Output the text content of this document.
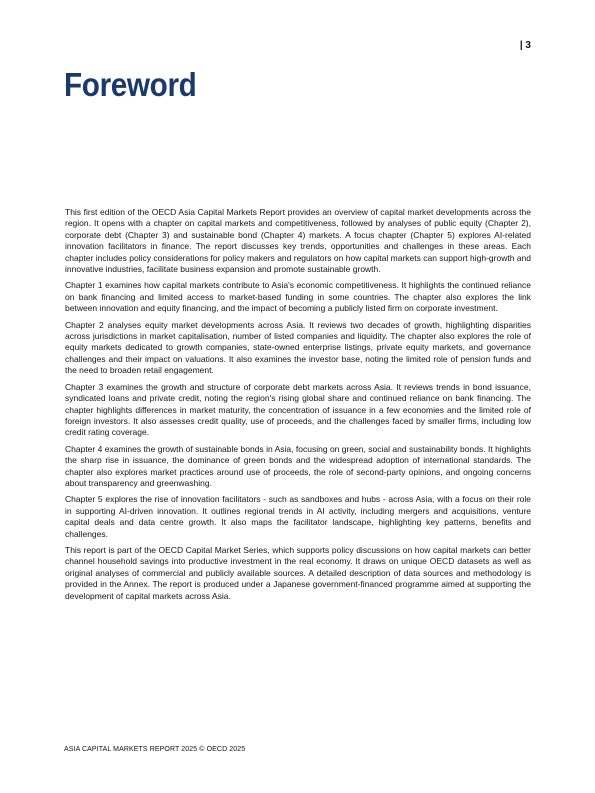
| 3
Foreword

This first edition of the OECD Asia Capital Markets Report provides an overview of capital market developments across the region. It opens with a chapter on capital markets and competitiveness, followed by analyses of public equity (Chapter 2), corporate debt (Chapter 3) and sustainable bond (Chapter 4) markets. A focus chapter (Chapter 5) explores AI-related innovation facilitators in finance. The report discusses key trends, opportunities and challenges in these areas. Each chapter includes policy considerations for policy makers and regulators on how capital markets can support high-growth and innovative industries, facilitate business expansion and promote sustainable growth.

Chapter 1 examines how capital markets contribute to Asia's economic competitiveness. It highlights the continued reliance on bank financing and limited access to market-based funding in some countries. The chapter also explores the link between innovation and equity financing, and the impact of becoming a publicly listed firm on corporate investment.

Chapter 2 analyses equity market developments across Asia. It reviews two decades of growth, highlighting disparities across jurisdictions in market capitalisation, number of listed companies and liquidity. The chapter also explores the role of equity markets dedicated to growth companies, state-owned enterprise listings, private equity markets, and governance challenges and their impact on valuations. It also examines the investor base, noting the limited role of pension funds and the need to broaden retail engagement.

Chapter 3 examines the growth and structure of corporate debt markets across Asia. It reviews trends in bond issuance, syndicated loans and private credit, noting the region's rising global share and continued reliance on bank financing. The chapter highlights differences in market maturity, the concentration of issuance in a few economies and the limited role of foreign investors. It also assesses credit quality, use of proceeds, and the challenges faced by smaller firms, including low credit rating coverage.

Chapter 4 examines the growth of sustainable bonds in Asia, focusing on green, social and sustainability bonds. It highlights the sharp rise in issuance, the dominance of green bonds and the widespread adoption of international standards. The chapter also explores market practices around use of proceeds, the role of second-party opinions, and ongoing concerns about transparency and greenwashing.

Chapter 5 explores the rise of innovation facilitators - such as sandboxes and hubs - across Asia, with a focus on their role in supporting AI-driven innovation. It outlines regional trends in AI activity, including mergers and acquisitions, venture capital deals and data centre growth. It also maps the facilitator landscape, highlighting key patterns, benefits and challenges.

This report is part of the OECD Capital Market Series, which supports policy discussions on how capital markets can better channel household savings into productive investment in the real economy. It draws on unique OECD datasets as well as original analyses of commercial and publicly available sources. A detailed description of data sources and methodology is provided in the Annex. The report is produced under a Japanese government-financed programme aimed at supporting the development of capital markets across Asia.

ASIA CAPITAL MARKETS REPORT 2025 © OECD 2025
